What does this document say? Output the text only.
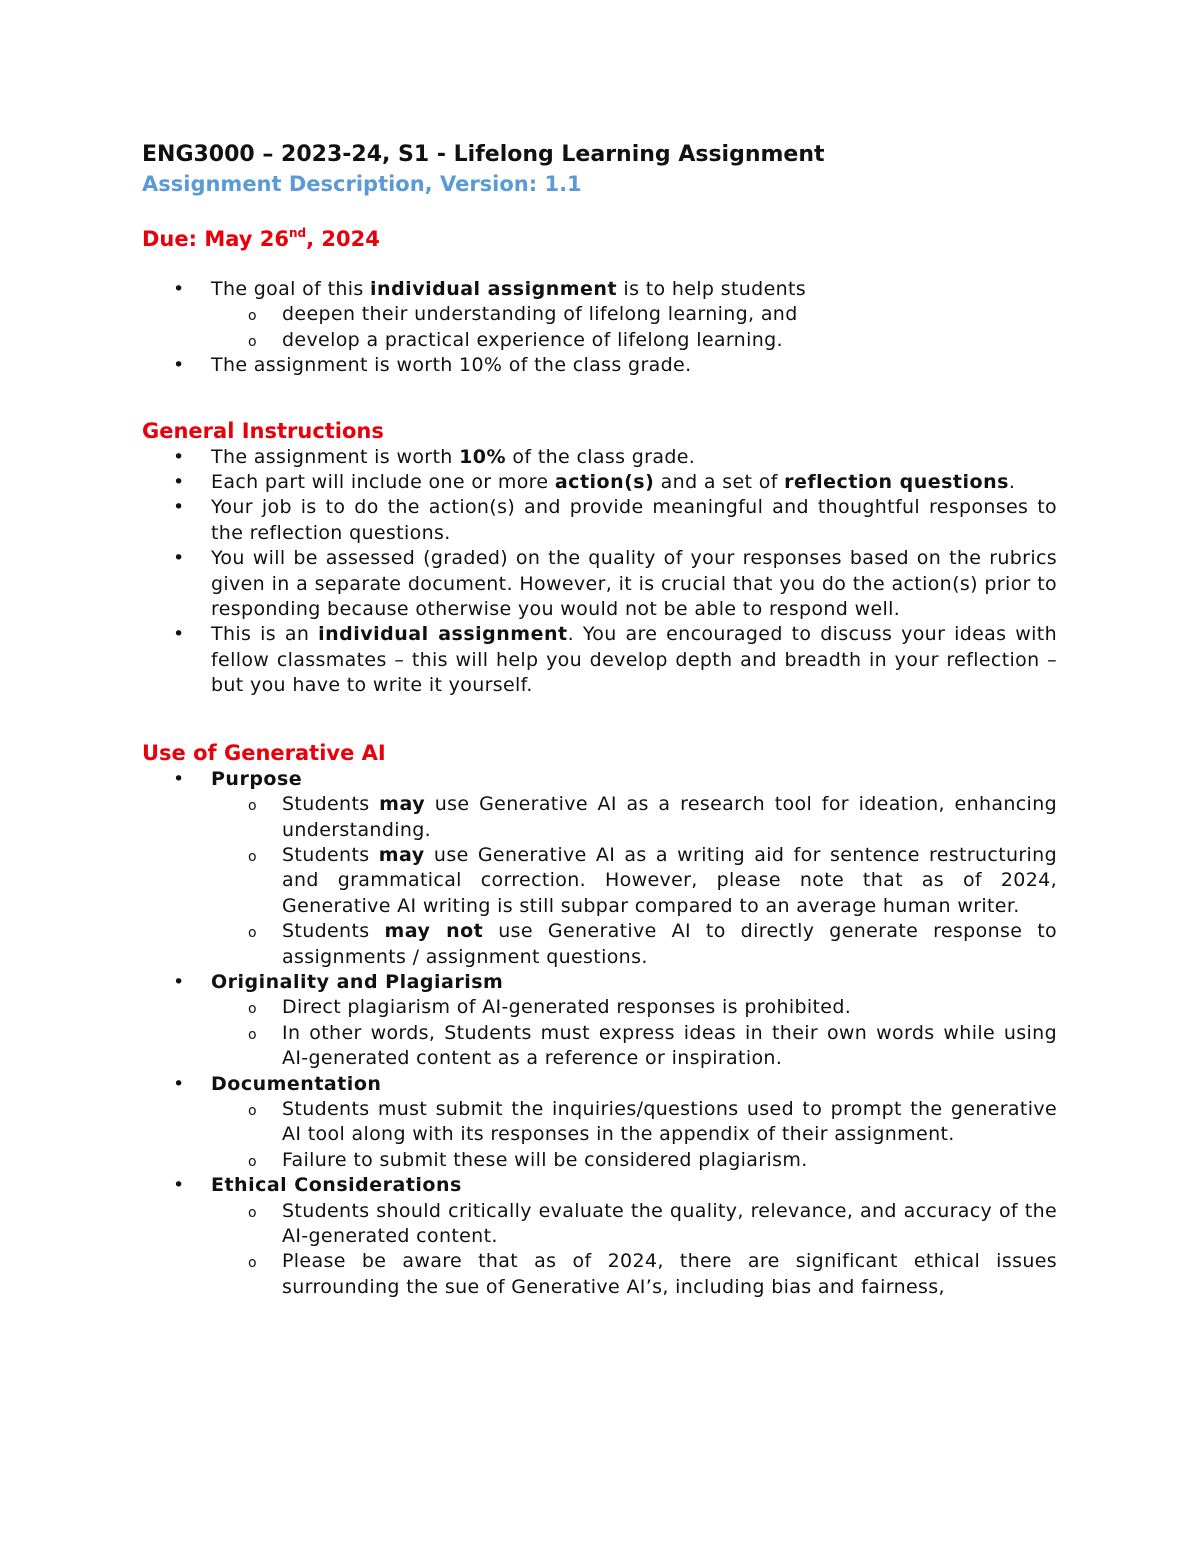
ENG3000 – 2023-24, S1 - Lifelong Learning Assignment
Assignment Description, Version: 1.1
Due: May 26nd, 2024
• The goal of this individual assignment is to help students
o deepen their understanding of lifelong learning, and
o develop a practical experience of lifelong learning.
• The assignment is worth 10% of the class grade.
General Instructions
• The assignment is worth 10% of the class grade.
• Each part will include one or more action(s) and a set of reflection questions.
• Your job is to do the action(s) and provide meaningful and thoughtful responses to the reflection questions.
• You will be assessed (graded) on the quality of your responses based on the rubrics given in a separate document. However, it is crucial that you do the action(s) prior to responding because otherwise you would not be able to respond well.
• This is an individual assignment. You are encouraged to discuss your ideas with fellow classmates – this will help you develop depth and breadth in your reflection – but you have to write it yourself.
Use of Generative AI
• Purpose
o Students may use Generative AI as a research tool for ideation, enhancing understanding.
o Students may use Generative AI as a writing aid for sentence restructuring and grammatical correction. However, please note that as of 2024, Generative AI writing is still subpar compared to an average human writer.
o Students may not use Generative AI to directly generate response to assignments / assignment questions.
• Originality and Plagiarism
o Direct plagiarism of AI-generated responses is prohibited.
o In other words, Students must express ideas in their own words while using AI-generated content as a reference or inspiration.
• Documentation
o Students must submit the inquiries/questions used to prompt the generative AI tool along with its responses in the appendix of their assignment.
o Failure to submit these will be considered plagiarism.
• Ethical Considerations
o Students should critically evaluate the quality, relevance, and accuracy of the AI-generated content.
o Please be aware that as of 2024, there are significant ethical issues surrounding the sue of Generative AI’s, including bias and fairness,
